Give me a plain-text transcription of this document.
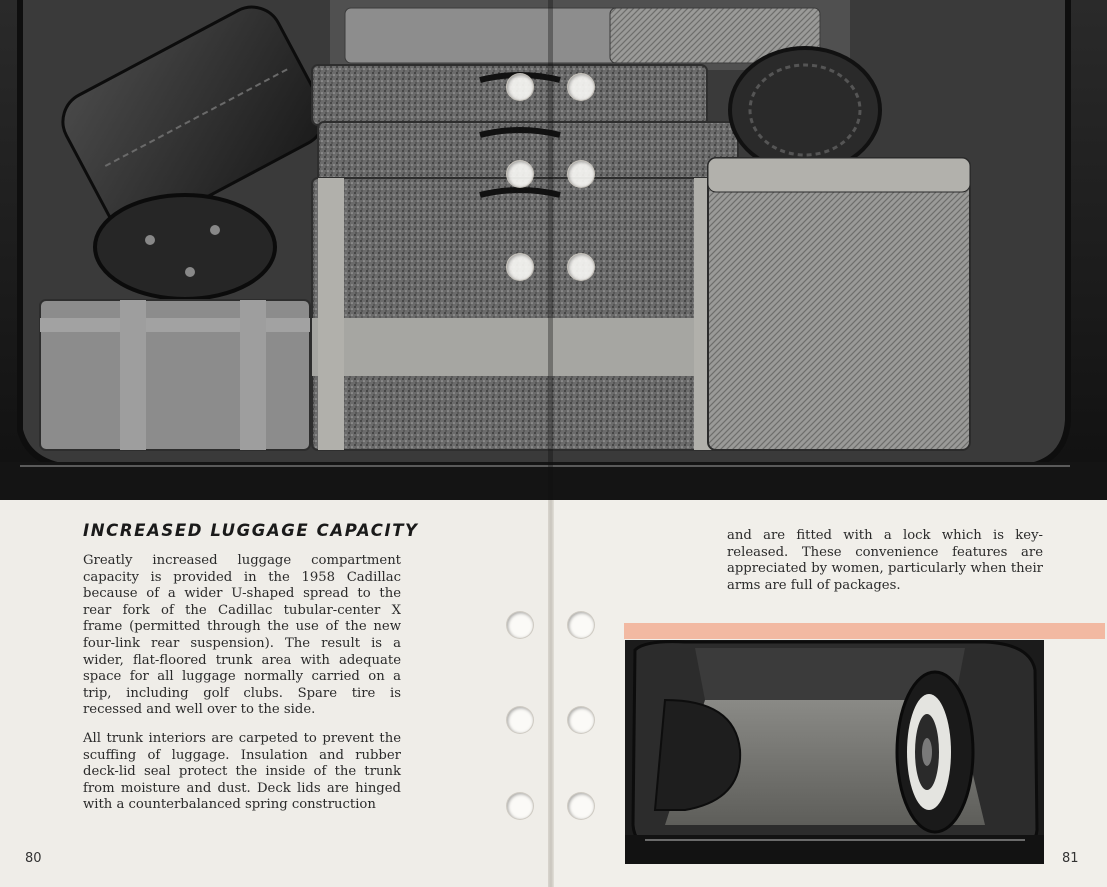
INCREASED LUGGAGE CAPACITY

Greatly increased luggage compartment capacity is provided in the 1958 Cadillac because of a wider U-shaped spread to the rear fork of the Cadillac tubular-center X frame (permitted through the use of the new four-link rear suspension). The result is a wider, flat-floored trunk area with adequate space for all luggage normally carried on a trip, including golf clubs. Spare tire is recessed and well over to the side.

All trunk interiors are carpeted to prevent the scuffing of luggage. Insulation and rubber deck-lid seal protect the inside of the trunk from moisture and dust. Deck lids are hinged with a counterbalanced spring construction

80

and are fitted with a lock which is key-released. These convenience features are appreciated by women, particularly when their arms are full of packages.

81
